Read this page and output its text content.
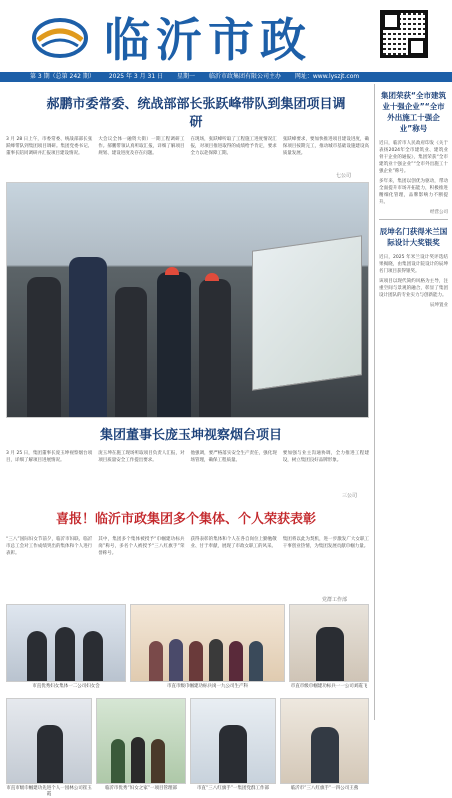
临沂市政
第 3 期（总第 242 期） 2025 年 3 月 31 日 星期一 临沂市政集团有限公司主办 网址：www.lyszjt.com
郝鹏市委常委、统战部部长张跃峰带队到集团项目调研

3 月 28 日上午，市委常委、统战部部长张跃峰带队到集团项目调研。集团党委书记、董事长陪同调研并汇报项目建设情况。

大会议全体一融资大街）一期工程调研工作。郝鹏带领认真听取汇报，详细了解项目规划、建设进度及存在问题。

在现场，张跃峰听取了工程施工进度情况汇报，对项目推进取得的成绩给予肯定，要求全力以赴保障工期。

张跃峰要求，要加快推进项目建设进度，确保项目按期完工，推动城市基础设施建设高质量发展。

七公司
集团董事长庞玉坤视察烟台项目

3 月 25 日，集团董事长庞玉坤视察烟台项目，详细了解项目进展情况。

庞玉坤在施工现场听取项目负责人汇报，对项目质量安全工作提出要求。

他强调，要严格落实安全生产责任，强化现场管理，确保工程质量。

要加强与业主沟通协调，全力推进工程建设，树立集团良好品牌形象。

三公司
喜报！临沂市政集团多个集体、个人荣获表彰

“三八”国际妇女节前夕，临沂市妇联、临沂市总工会对工作成绩突出的集体和个人进行表彰。

其中，集团多个集体被授予“巾帼建功标兵岗”称号，多名个人被授予“三八红旗手”荣誉称号。

获得表彰的集体和个人在各自岗位上勤勉敬业、甘于奉献，展现了市政女职工的风采。

集团将以此为契机，进一步激发广大女职工干事创业热情，为集团发展贡献巾帼力量。

党群工作部
市直优秀妇女集体一二公司妇女会	市直市级巾帼建功标兵岗一九公司生产科	市直市级巾帼建功标兵一一公司刘霞飞
市直市级巾帼建功先进个人一园林公司崔玉霞
临沂市优秀“妇女之家”一项目管理部	市直“三八红旗手”一集团党群工作部	临沂市“三八红旗手”一四公司王燕
集团荣获“全市建筑业十强企业”“全市外出施工十强企业”称号

近日，临沂市人民政府印发《关于表扬2024年全市建筑业、建筑业骨干企业的通报》，集团荣获“全市建筑业十强企业”“全市外出施工十强企业”称号。

多年来，集团以创优为驱动，带动全面提升市场开拓能力，积极推进精细化管理，品牌影响力不断提升。

经营公司
辰坤名门获得米兰国际设计大奖银奖

近日，2025 年米兰设计奖评选结果揭晓，由集团设计院设计的辰坤名门项目获得银奖。

该项目以现代简约风格为主导，注重空间与景观的融合，彰显了集团设计团队的专业实力与创新能力。

辰坤置业
